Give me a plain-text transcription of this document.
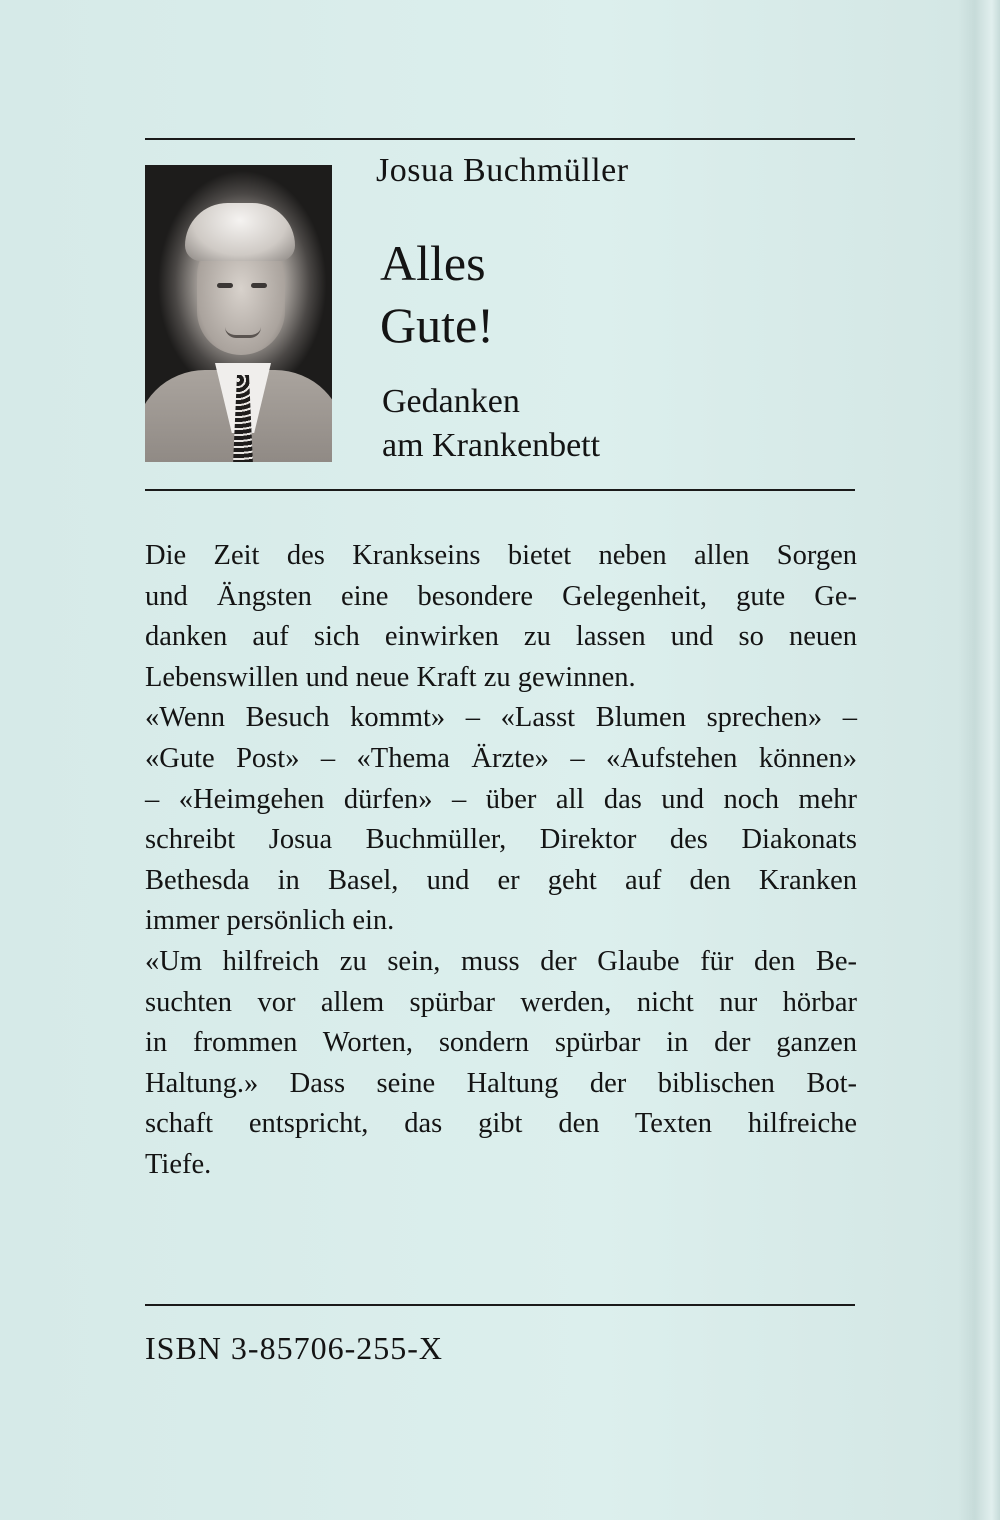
Josua Buchmüller
Alles
Gute!
Gedanken
am Krankenbett

Die Zeit des Krankseins bietet neben allen Sorgen
und Ängsten eine besondere Gelegenheit, gute Ge-
danken auf sich einwirken zu lassen und so neuen
Lebenswillen und neue Kraft zu gewinnen.
«Wenn Besuch kommt» – «Lasst Blumen sprechen» –
«Gute Post» – «Thema Ärzte» – «Aufstehen können»
– «Heimgehen dürfen» – über all das und noch mehr
schreibt Josua Buchmüller, Direktor des Diakonats
Bethesda in Basel, und er geht auf den Kranken
immer persönlich ein.
«Um hilfreich zu sein, muss der Glaube für den Be-
suchten vor allem spürbar werden, nicht nur hörbar
in frommen Worten, sondern spürbar in der ganzen
Haltung.» Dass seine Haltung der biblischen Bot-
schaft entspricht, das gibt den Texten hilfreiche
Tiefe.

ISBN 3-85706-255-X
